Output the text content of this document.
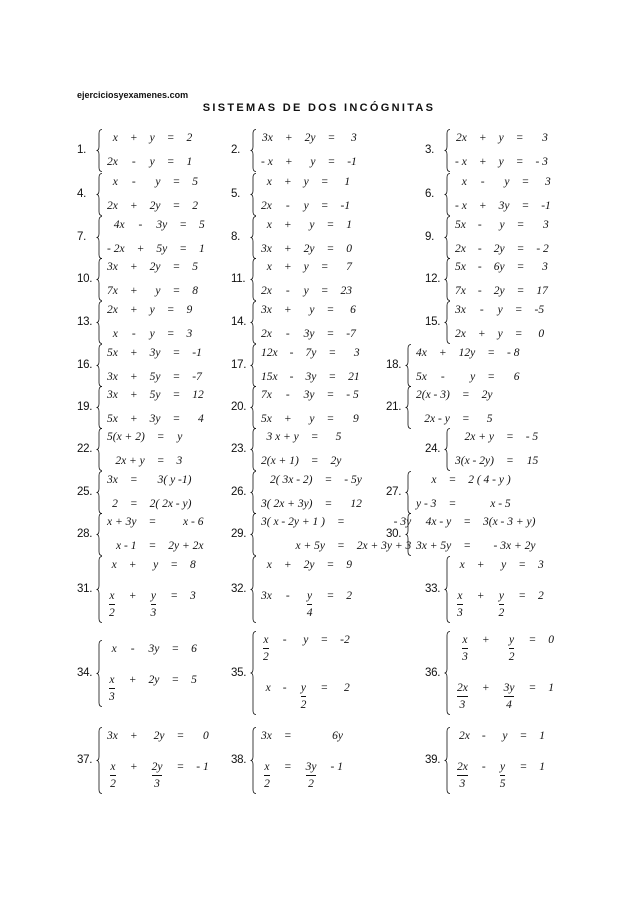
ejerciciosyexamenes.com
SISTEMAS DE DOS INCÓGNITAS
1.
x + y = 2
2x - y = 1
2.
3x + 2y = 3
- x + y = -1
3.
2x + y = 3
- x + y = - 3
4.
x - y = 5
2x + 2y = 2
5.
x + y = 1
2x - y = -1
6.
x - y = 3
- x + 3y = -1
7.
4x - 3y = 5
- 2x + 5y = 1
8.
x + y = 1
3x + 2y = 0
9.
5x - y = 3
2x - 2y = - 2
10.
3x + 2y = 5
7x + y = 8
11.
x + y = 7
2x - y = 23
12.
5x - 6y = 3
7x - 2y = 17
13.
2x + y = 9
x - y = 3
14.
3x + y = 6
2x - 3y = -7
15.
3x - y = -5
2x + y = 0
16.
5x + 3y = -1
3x + 5y = -7
17.
12x - 7y = 3
15x - 3y = 21
18.
4x + 12y = - 8
5x - y = 6
19.
3x + 5y = 12
5x + 3y = 4
20.
7x - 3y = - 5
5x + y = 9
21.
2(x - 3) = 2y
2x - y = 5
22.
5(x + 2) = y
2x + y = 3
23.
3 x + y = 5
2(x + 1) = 2y
24.
2x + y = - 5
3(x - 2y) = 15
25.
3x = 3( y -1)
2 = 2( 2x - y)
26.
2( 3x - 2) = - 5y
3( 2x + 3y) = 12
27.
x = 2 ( 4 - y )
y - 3 =	x - 5
28.
x + 3y = x - 6
x - 1 = 2y + 2x
29.
3( x - 2y + 1 ) =	- 3y
x + 5y = 2x + 3y + 3
30.
4x - y = 3(x - 3 + y)
3x + 5y = - 3x + 2y
31.
x + y = 8
x
2
+ y
3
= 3
32.
x + 2y = 9
3x - y
4
= 2
33.
x + y = 3
x
3
+ y
2
= 2
34.
x - 3y = 6
x
3
+ 2y = 5
35.
x
2
- y = -2
x - y
2
= 2
36.
x
3
+ y
2
= 0
2x
3
+ 3y
4
= 1
37.
3x + 2y = 0
x
2
+ 2y
3
= - 1
38.
3x =	6y
x
2
= 3y
2
- 1
39.
2x - y = 1
2x
3
- y
5
= 1
